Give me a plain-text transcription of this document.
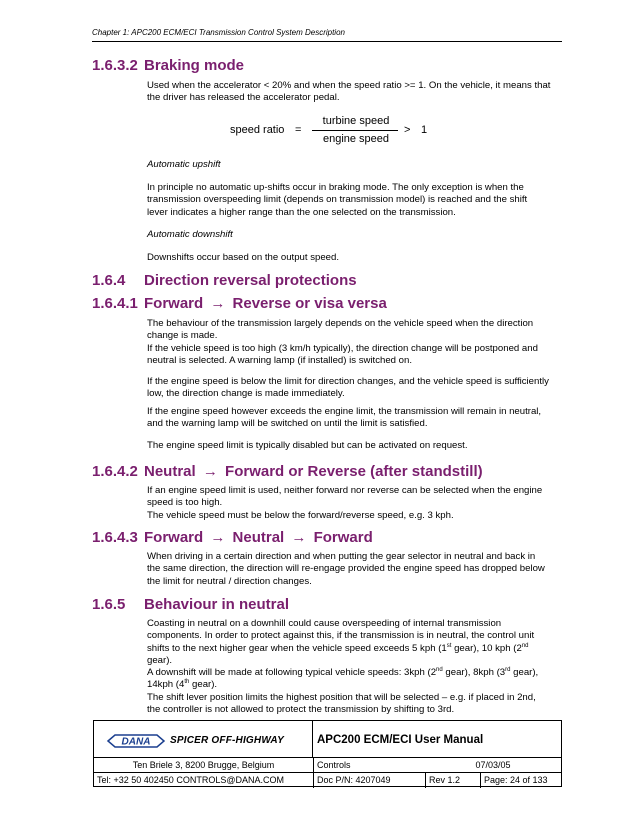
Chapter 1: APC200 ECM/ECI Transmission Control System Description
1.6.3.2 Braking mode
Used when the accelerator < 20% and when the speed ratio >= 1. On the vehicle, it means that
the driver has released the accelerator pedal.
speed ratio =
turbine speed
engine speed
> 1
Automatic upshift
In principle no automatic up-shifts occur in braking mode. The only exception is when the
transmission overspeeding limit (depends on transmission model) is reached and the shift
lever indicates a higher range than the one selected on the transmission.
Automatic downshift
Downshifts occur based on the output speed.
1.6.4 Direction reversal protections
1.6.4.1 Forward → Reverse or visa versa
The behaviour of the transmission largely depends on the vehicle speed when the direction
change is made.
If the vehicle speed is too high (3 km/h typically), the direction change will be postponed and
neutral is selected. A warning lamp (if installed) is switched on.
If the engine speed is below the limit for direction changes, and the vehicle speed is sufficiently
low, the direction change is made immediately.
If the engine speed however exceeds the engine limit, the transmission will remain in neutral,
and the warning lamp will be switched on until the limit is satisfied.
The engine speed limit is typically disabled but can be activated on request.
1.6.4.2 Neutral → Forward or Reverse (after standstill)
If an engine speed limit is used, neither forward nor reverse can be selected when the engine
speed is too high.
The vehicle speed must be below the forward/reverse speed, e.g. 3 kph.
1.6.4.3 Forward → Neutral → Forward
When driving in a certain direction and when putting the gear selector in neutral and back in
the same direction, the direction will re-engage provided the engine speed has dropped below
the limit for neutral / direction changes.
1.6.5 Behaviour in neutral
Coasting in neutral on a downhill could cause overspeeding of internal transmission
components. In order to protect against this, if the transmission is in neutral, the control unit
shifts to the next higher gear when the vehicle speed exceeds 5 kph (1st gear), 10 kph (2nd
gear).
A downshift will be made at following typical vehicle speeds: 3kph (2nd gear), 8kph (3rd gear),
14kph (4th gear).
The shift lever position limits the highest position that will be selected – e.g. if placed in 2nd,
the controller is not allowed to protect the transmission by shifting to 3rd.
DANA SPICER OFF-HIGHWAY	APC200 ECM/ECI User Manual
Ten Briele 3, 8200 Brugge, Belgium	Controls	07/03/05
Tel: +32 50 402450 CONTROLS@DANA.COM	Doc P/N: 4207049	Rev 1.2	Page: 24 of 133
